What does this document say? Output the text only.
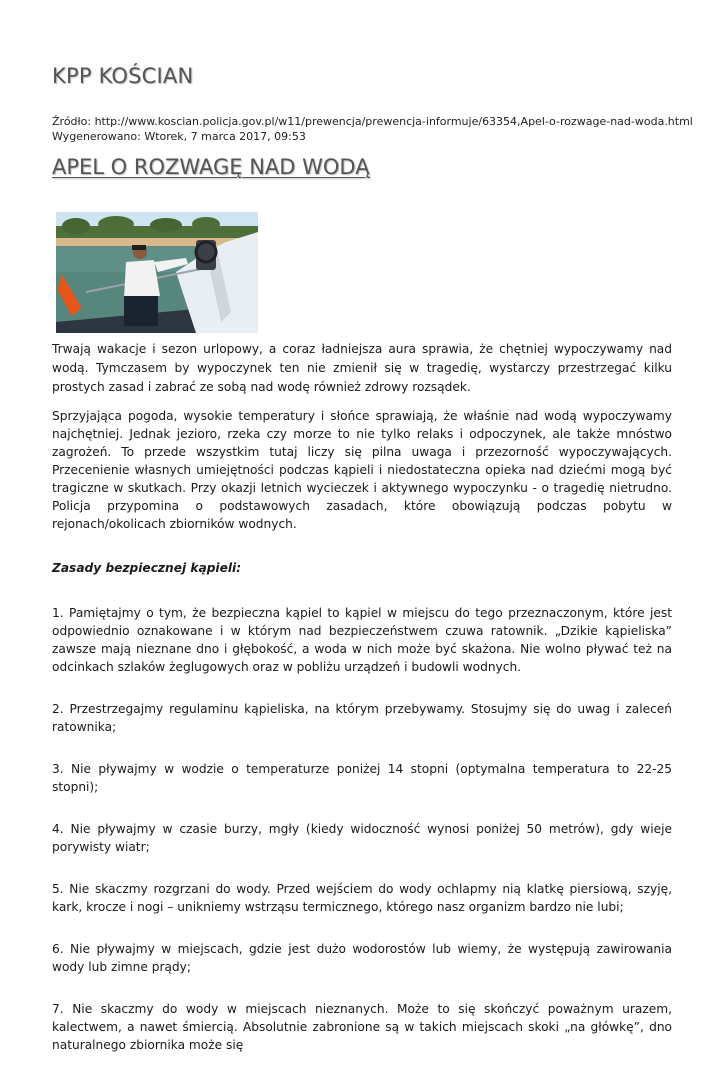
KPP KOŚCIAN
Źródło: http://www.koscian.policja.gov.pl/w11/prewencja/prewencja-informuje/63354,Apel-o-rozwage-nad-woda.html
Wygenerowano: Wtorek, 7 marca 2017, 09:53
APEL O ROZWAGĘ NAD WODĄ

Trwają wakacje i sezon urlopowy, a coraz ładniejsza aura sprawia, że chętniej wypoczywamy nad wodą. Tymczasem by wypoczynek ten nie zmienił się w tragedię, wystarczy przestrzegać kilku prostych zasad i zabrać ze sobą nad wodę również zdrowy rozsądek.

Sprzyjająca pogoda, wysokie temperatury i słońce sprawiają, że właśnie nad wodą wypoczywamy najchętniej. Jednak jezioro, rzeka czy morze to nie tylko relaks i odpoczynek, ale także mnóstwo zagrożeń. To przede wszystkim tutaj liczy się pilna uwaga i przezorność wypoczywających. Przecenienie własnych umiejętności podczas kąpieli i niedostateczna opieka nad dziećmi mogą być tragiczne w skutkach. Przy okazji letnich wycieczek i aktywnego wypoczynku - o tragedię nietrudno. Policja przypomina o podstawowych zasadach, które obowiązują podczas pobytu w rejonach/okolicach zbiorników wodnych.

Zasady bezpiecznej kąpieli:

1. Pamiętajmy o tym, że bezpieczna kąpiel to kąpiel w miejscu do tego przeznaczonym, które jest odpowiednio oznakowane i w którym nad bezpieczeństwem czuwa ratownik. „Dzikie kąpieliska” zawsze mają nieznane dno i głębokość, a woda w nich może być skażona. Nie wolno pływać też na odcinkach szlaków żeglugowych oraz w pobliżu urządzeń i budowli wodnych.

2. Przestrzegajmy regulaminu kąpieliska, na którym przebywamy. Stosujmy się do uwag i zaleceń ratownika;

3. Nie pływajmy w wodzie o temperaturze poniżej 14 stopni (optymalna temperatura to 22-25 stopni);

4. Nie pływajmy w czasie burzy, mgły (kiedy widoczność wynosi poniżej 50 metrów), gdy wieje porywisty wiatr;

5. Nie skaczmy rozgrzani do wody. Przed wejściem do wody ochlapmy nią klatkę piersiową, szyję, kark, krocze i nogi – unikniemy wstrząsu termicznego, którego nasz organizm bardzo nie lubi;

6. Nie pływajmy w miejscach, gdzie jest dużo wodorostów lub wiemy, że występują zawirowania wody lub zimne prądy;

7. Nie skaczmy do wody w miejscach nieznanych. Może to się skończyć poważnym urazem, kalectwem, a nawet śmiercią. Absolutnie zabronione są w takich miejscach skoki „na główkę”, dno naturalnego zbiornika może się
